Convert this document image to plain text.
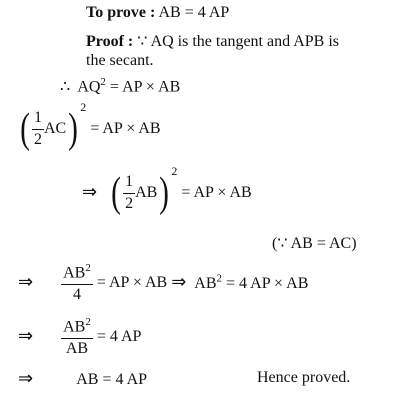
To prove : AB = 4 AP
Proof : ∵ AQ is the tangent and APB is
the secant.
∴ $AQ^2$ = AP × AB
( $\frac{1}{2} AC$) $^2$ = AP × AB
⇒ ( $\frac{1}{2} AB$) $^2$ = AP × AB
(∵ AB = AC)
⇒ $\frac{AB^2}{4}$ = AP × AB ⇒ $AB^2 = 4$ AP × AB
⇒ $\frac{AB^2}{AB} = 4$ AP
⇒	AB = 4 AP	Hence proved.
